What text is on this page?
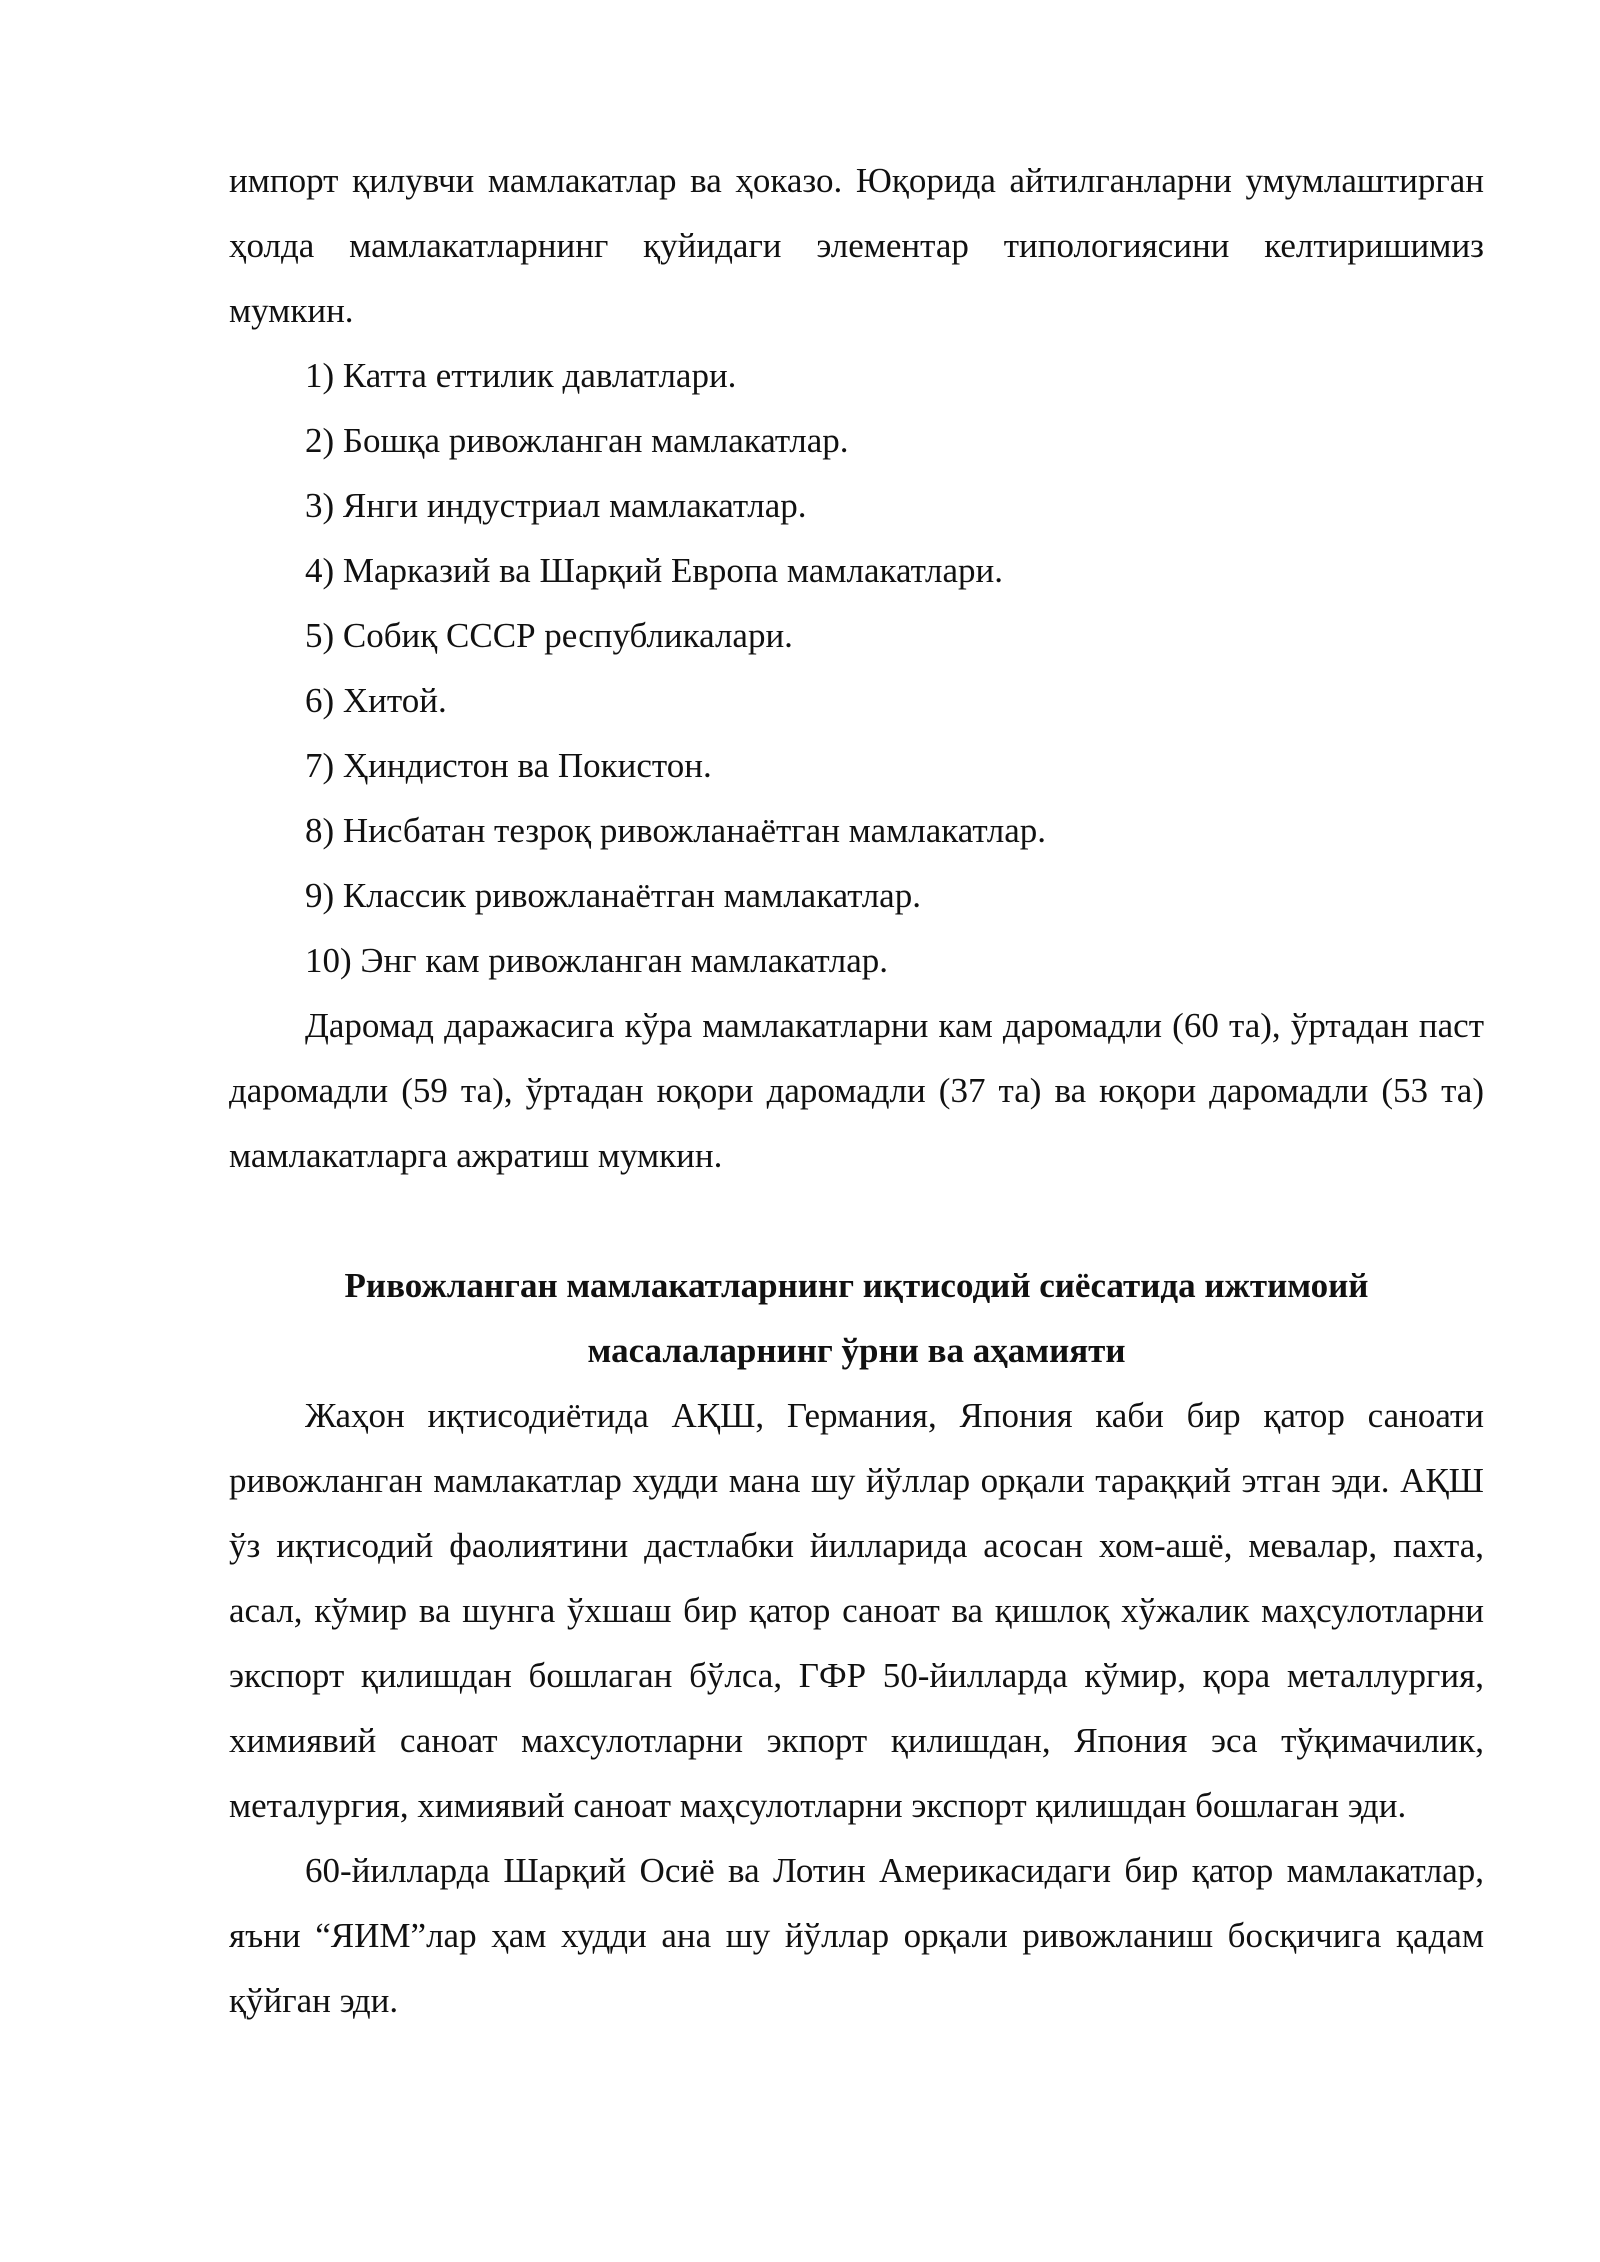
импорт қилувчи мамлакатлар ва ҳоказо. Юқорида айтилганларни умумлаштирган ҳолда мамлакатларнинг қуйидаги элементар типологиясини келтиришимиз мумкин.

1) Катта еттилик давлатлари.

2) Бошқа ривожланган мамлакатлар.

3) Янги индустриал мамлакатлар.

4) Марказий ва Шарқий Европа мамлакатлари.

5) Собиқ СССР республикалари.

6) Хитой.

7) Ҳиндистон ва Покистон.

8) Нисбатан тезроқ ривожланаётган мамлакатлар.

9) Классик ривожланаётган мамлакатлар.

10) Энг кам ривожланган мамлакатлар.

Даромад даражасига кўра мамлакатларни кам даромадли (60 та), ўртадан паст даромадли (59 та), ўртадан юқори даромадли (37 та) ва юқори даромадли (53 та) мамлакатларга ажратиш мумкин.

Ривожланган мамлакатларнинг иқтисодий сиёсатида ижтимоий

масалаларнинг ўрни ва аҳамияти

Жаҳон иқтисодиётида АҚШ, Германия, Япония каби бир қатор саноати ривожланган мамлакатлар худди мана шу йўллар орқали тараққий этган эди. АҚШ ўз иқтисодий фаолиятини дастлабки йилларида асосан хом-ашё, мевалар, пахта, асал, кўмир ва шунга ўхшаш бир қатор саноат ва қишлоқ хўжалик маҳсулотларни экспорт қилишдан бошлаган бўлса, ГФР 50-йилларда кўмир, қора металлургия, химиявий саноат махсулотларни экпорт қилишдан, Япония эса тўқимачилик, металургия, химиявий саноат маҳсулотларни экспорт қилишдан бошлаган эди.

60-йилларда Шарқий Осиё ва Лотин Америкасидаги бир қатор мамлакатлар, яъни “ЯИМ”лар ҳам худди ана шу йўллар орқали ривожланиш босқичига қадам қўйган эди.
